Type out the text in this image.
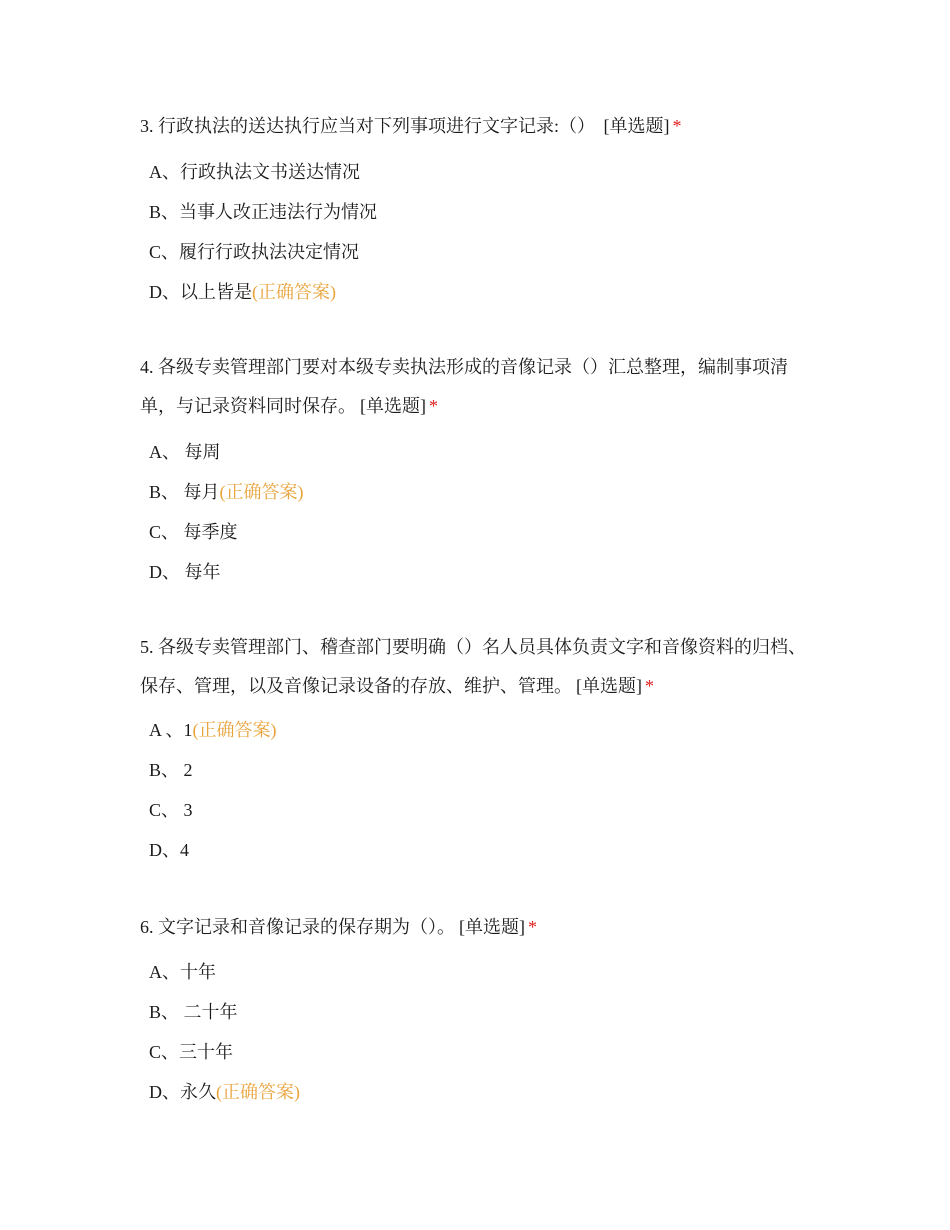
3. 行政执法的送达执行应当对下列事项进行文字记录:（） [单选题] *

A、行政执法文书送达情况
B、当事人改正违法行为情况
C、履行行政执法决定情况
D、以上皆是(正确答案)

4. 各级专卖管理部门要对本级专卖执法形成的音像记录（）汇总整理，编制事项清单，与记录资料同时保存。 [单选题] *

A、 每周
B、 每月(正确答案)
C、 每季度
D、 每年

5. 各级专卖管理部门、稽查部门要明确（）名人员具体负责文字和音像资料的归档、保存、管理，以及音像记录设备的存放、维护、管理。 [单选题] *

A 、1(正确答案)
B、 2
C、 3
D、4

6. 文字记录和音像记录的保存期为（）。 [单选题] *

A、十年
B、 二十年
C、三十年
D、永久(正确答案)
